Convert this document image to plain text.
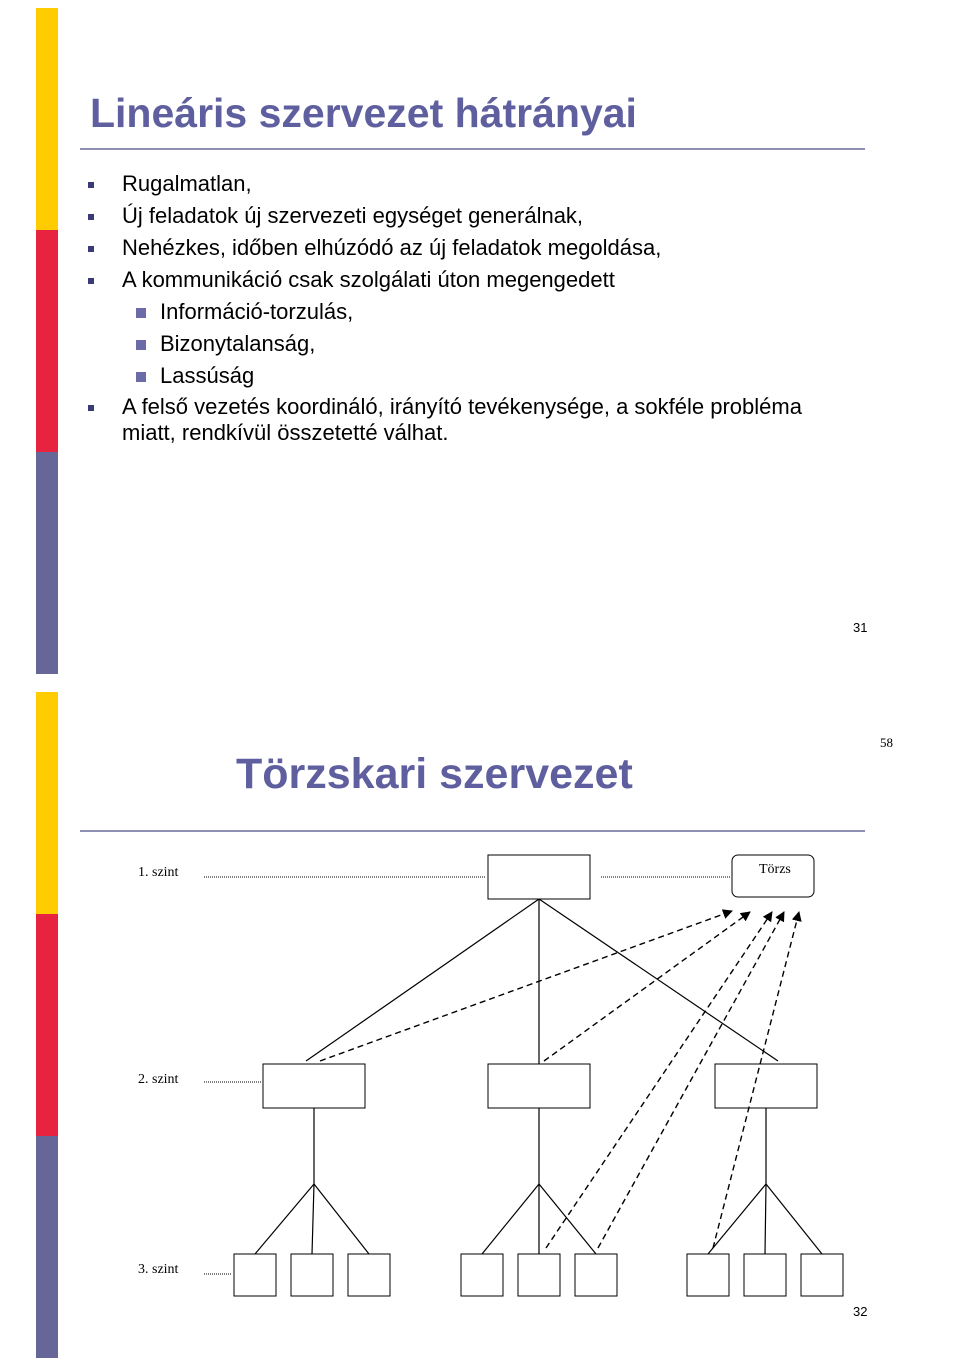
Lineáris szervezet hátrányai
Rugalmatlan,
Új feladatok új szervezeti egységet generálnak,
Nehézkes, időben elhúzódó az új feladatok megoldása,
A kommunikáció csak szolgálati úton megengedett
Információ-torzulás,
Bizonytalanság,
Lassúság
A felső vezetés koordináló, irányító tevékenysége, a sokféle probléma miatt, rendkívül összetetté válhat.
31
Törzskari szervezet
58
1. szint
2. szint
3. szint
Törzs
32
